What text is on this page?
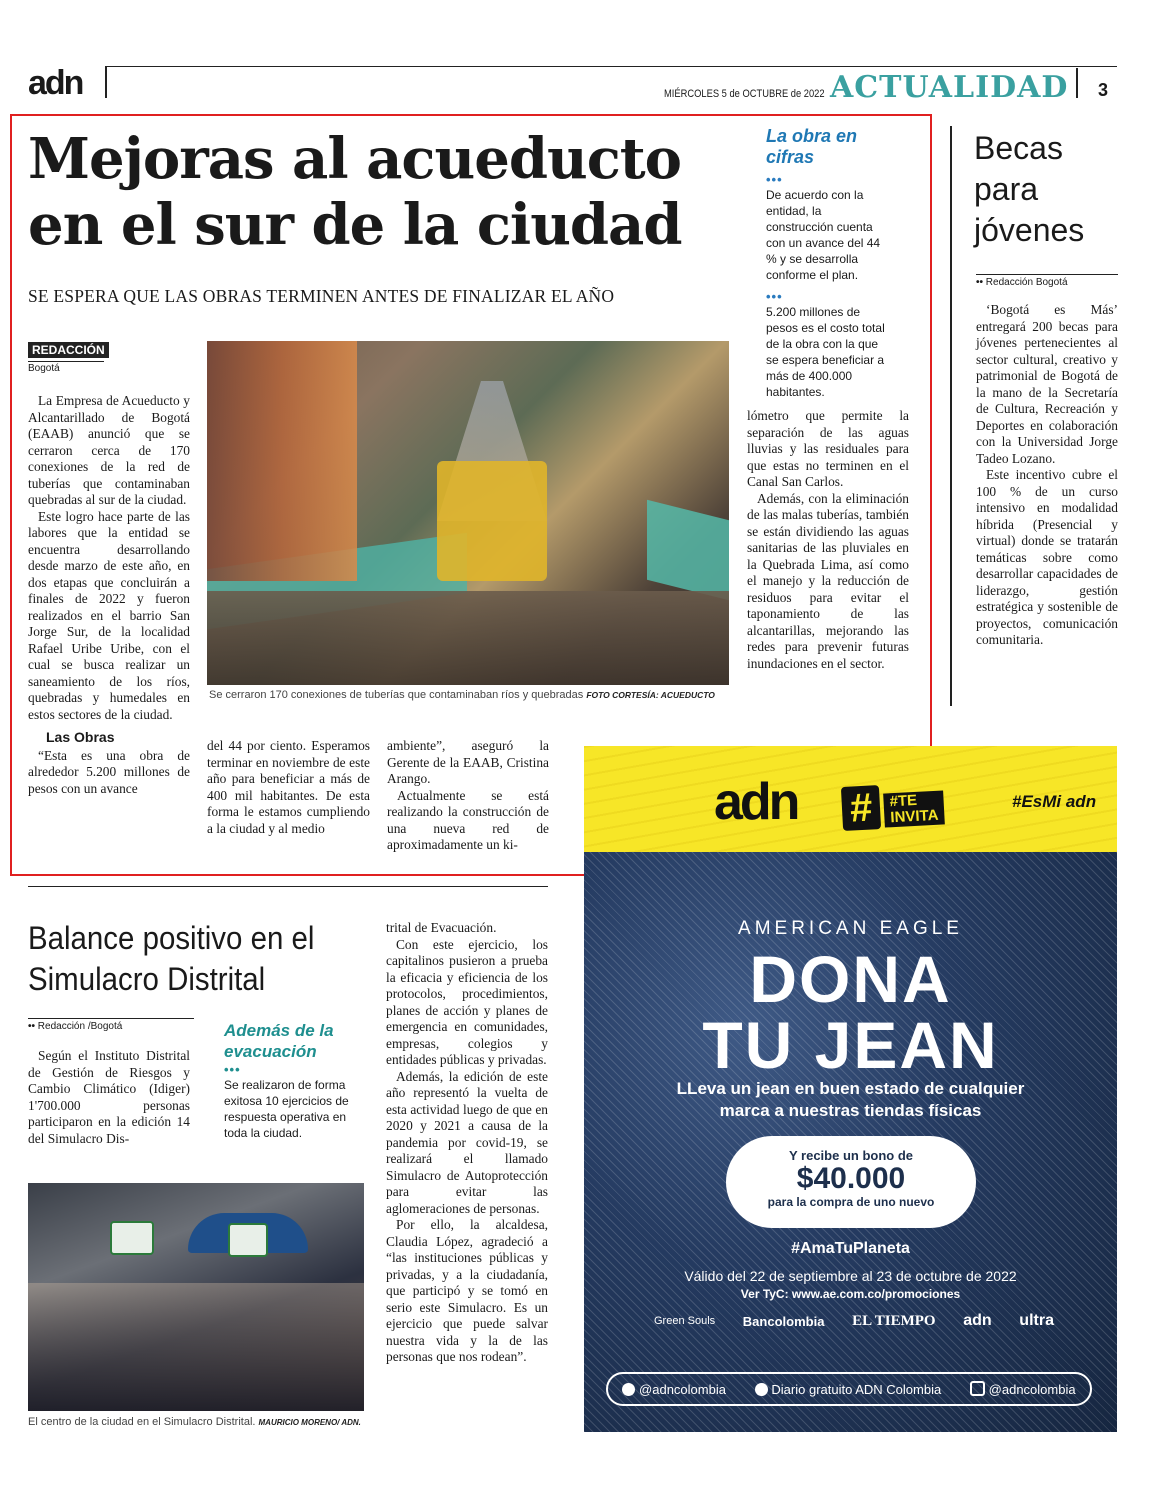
adn	MIÉRCOLES 5 de OCTUBRE de 2022 ACTUALIDAD 3
Mejoras al acueducto
en el sur de la ciudad
SE ESPERA QUE LAS OBRAS TERMINEN ANTES DE FINALIZAR EL AÑO
La obra en cifras
•••
De acuerdo con la entidad, la construcción cuenta con un avance del 44 % y se desarrolla conforme el plan.
•••
5.200 millones de pesos es el costo total de la obra con la que se espera beneficiar a más de 400.000 habitantes.
REDACCIÓN
Bogotá

La Empresa de Acueducto y Alcantarillado de Bogotá (EAAB) anunció que se cerraron cerca de 170 conexiones de la red de tuberías que contaminaban quebradas al sur de la ciudad.

Este logro hace parte de las labores que la entidad se encuentra desarrollando desde marzo de este año, en dos etapas que concluirán a finales de 2022 y fueron realizados en el barrio San Jorge Sur, de la localidad Rafael Uribe Uribe, con el cual se busca realizar un saneamiento de los ríos, quebradas y humedales en estos sectores de la ciudad.

Las Obras

“Esta es una obra de alrededor 5.200 millones de pesos con un avance

Se cerraron 170 conexiones de tuberías que contaminaban ríos y quebradas FOTO CORTESÍA: ACUEDUCTO

del 44 por ciento. Esperamos terminar en noviembre de este año para beneficiar a más de 400 mil habitantes. De esta forma le estamos cumpliendo a la ciudad y al medio

ambiente”, aseguró la Gerente de la EAAB, Cristina Arango.

Actualmente se está realizando la construcción de una nueva red de aproximadamente un ki-

lómetro que permite la separación de las aguas lluvias y las residuales para que estas no terminen en el Canal San Carlos.

Además, con la eliminación de las malas tuberías, también se están dividiendo las aguas sanitarias de las pluviales en la Quebrada Lima, así como el manejo y la reducción de residuos para evitar el taponamiento de las alcantarillas, mejorando las redes para prevenir futuras inundaciones en el sector.

Becas para jóvenes
•• Redacción Bogotá

‘Bogotá es Más’ entregará 200 becas para jóvenes pertenecientes al sector cultural, creativo y patrimonial de Bogotá de la mano de la Secretaría de Cultura, Recreación y Deportes en colaboración con la Universidad Jorge Tadeo Lozano.

Este incentivo cubre el 100 % de un curso intensivo en modalidad híbrida (Presencial y virtual) donde se tratarán temáticas sobre como desarrollar capacidades de liderazgo, gestión estratégica y sostenible de proyectos, comunicación comunitaria.

Balance positivo en el Simulacro Distrital
•• Redacción /Bogotá

Según el Instituto Distrital de Gestión de Riesgos y Cambio Climático (Idiger) 1'700.000 personas participaron en la edición 14 del Simulacro Dis-

Además de la evacuación
•••
Se realizaron de forma exitosa 10 ejercicios de respuesta operativa en toda la ciudad.

trital de Evacuación.

Con este ejercicio, los capitalinos pusieron a prueba la eficacia y eficiencia de los protocolos, procedimientos, planes de acción y planes de emergencia en comunidades, empresas, colegios y entidades públicas y privadas.

Además, la edición de este año representó la vuelta de esta actividad luego de que en 2020 y 2021 a causa de la pandemia por covid-19, se realizará el llamado Simulacro de Autoprotección para evitar las aglomeraciones de personas.

Por ello, la alcaldesa, Claudia López, agradeció a “las instituciones públicas y privadas, y a la ciudadanía, que participó y se tomó en serio este Simulacro. Es un ejercicio que puede salvar nuestra vida y la de las personas que nos rodean”.

El centro de la ciudad en el Simulacro Distrital. MAURICIO MORENO/ ADN.
adn #	#TE
INVITA
#EsMi adn
AMERICAN EAGLE
DONA
TU JEAN
LLeva un jean en buen estado de cualquier
marca a nuestras tiendas físicas
Y recibe un bono de
$40.000
para la compra de uno nuevo
#AmaTuPlaneta
Válido del 22 de septiembre al 23 de octubre de 2022
Ver TyC: www.ae.com.co/promociones
Green Souls Bancolombia EL TIEMPO adn ultra
@adncolombia	Diario gratuito ADN Colombia	@adncolombia
